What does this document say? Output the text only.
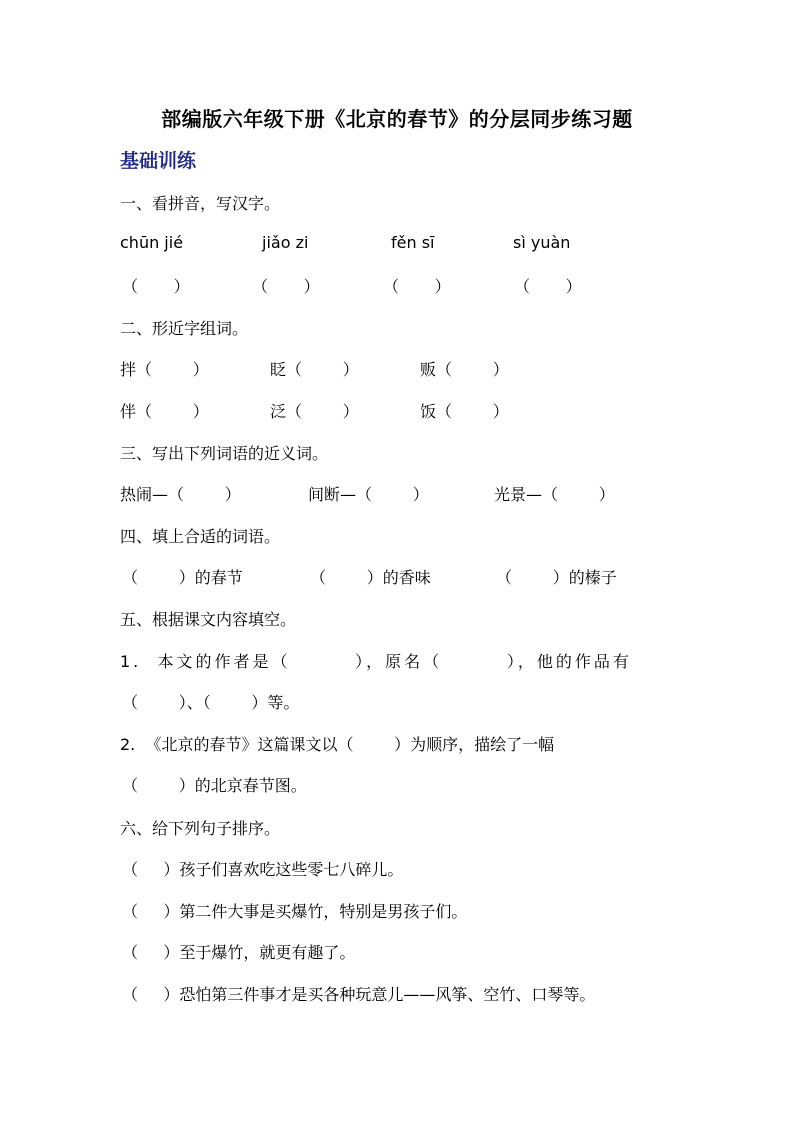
部编版六年级下册《北京的春节》的分层同步练习题
基础训练
一、看拼音，写汉字。
chūn jié	jiǎo zi	fěn sī	sì yuàn
（       ）	（       ）	（       ）	（       ）
二、形近字组词。
拌（        ）	眨（        ）	贩（        ）
伴（        ）	泛（        ）	饭（        ）
三、写出下列词语的近义词。
热闹—（        ）	间断—（        ）	光景—（        ）
四、填上合适的词语。
（        ）的春节	（        ）的香味	（        ）的榛子
五、根据课文内容填空。
1.  本文的作者是（        ），原名（        ），他的作品有
（        ）、（        ）等。
2.  《北京的春节》这篇课文以（        ）为顺序，描绘了一幅
（        ）的北京春节图。
六、给下列句子排序。
（     ）孩子们喜欢吃这些零七八碎儿。
（     ）第二件大事是买爆竹，特别是男孩子们。
（     ）至于爆竹，就更有趣了。
（     ）恐怕第三件事才是买各种玩意儿——风筝、空竹、口琴等。
